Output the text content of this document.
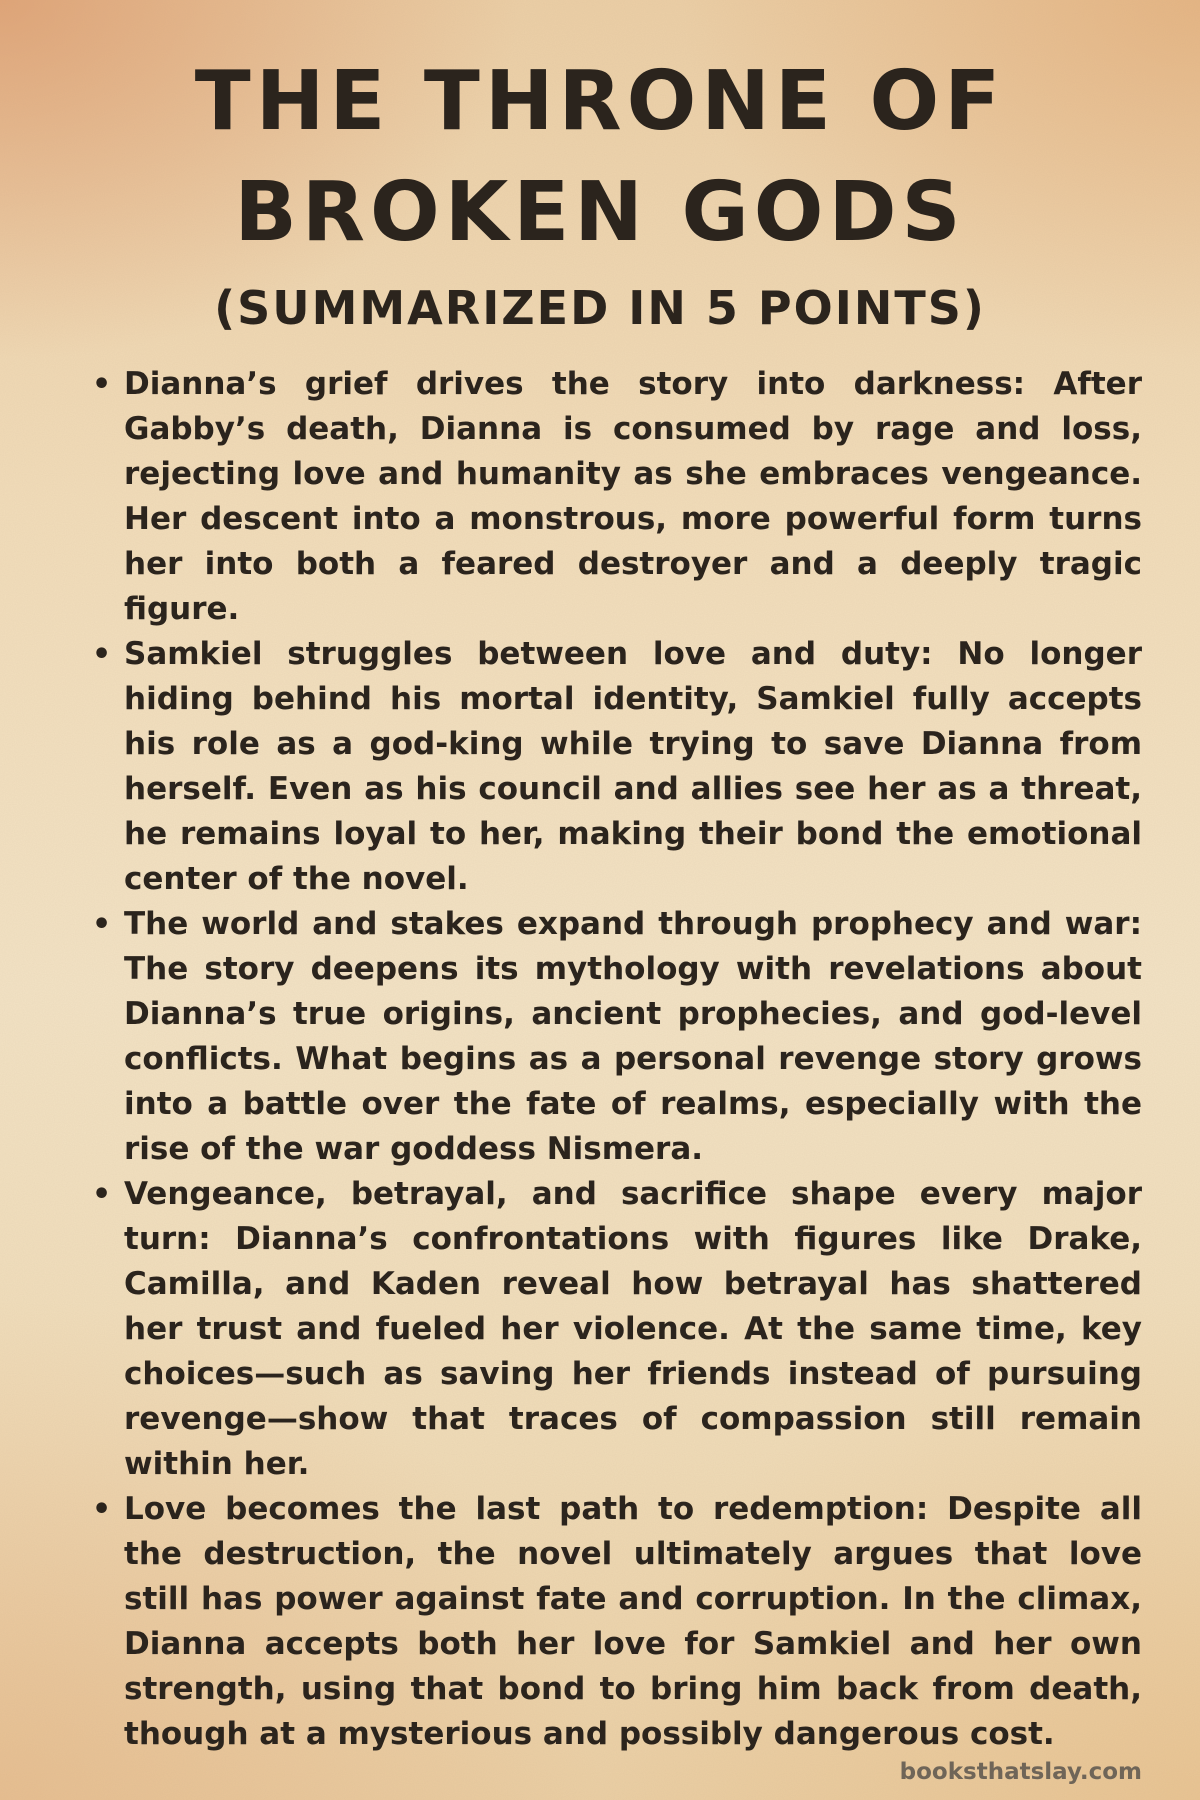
THE THRONE OF
BROKEN GODS
(SUMMARIZED IN 5 POINTS)
• Dianna’s grief drives the story into darkness: After Gabby’s death, Dianna is consumed by rage and loss, rejecting love and humanity as she embraces vengeance. Her descent into a monstrous, more powerful form turns her into both a feared destroyer and a deeply tragic figure.
• Samkiel struggles between love and duty: No longer hiding behind his mortal identity, Samkiel fully accepts his role as a god-king while trying to save Dianna from herself. Even as his council and allies see her as a threat, he remains loyal to her, making their bond the emotional center of the novel.
• The world and stakes expand through prophecy and war: The story deepens its mythology with revelations about Dianna’s true origins, ancient prophecies, and god-level conflicts. What begins as a personal revenge story grows into a battle over the fate of realms, especially with the rise of the war goddess Nismera.
• Vengeance, betrayal, and sacrifice shape every major turn: Dianna’s confrontations with figures like Drake, Camilla, and Kaden reveal how betrayal has shattered her trust and fueled her violence. At the same time, key choices—such as saving her friends instead of pursuing revenge—show that traces of compassion still remain within her.
• Love becomes the last path to redemption: Despite all the destruction, the novel ultimately argues that love still has power against fate and corruption. In the climax, Dianna accepts both her love for Samkiel and her own strength, using that bond to bring him back from death, though at a mysterious and possibly dangerous cost.

booksthatslay.com
